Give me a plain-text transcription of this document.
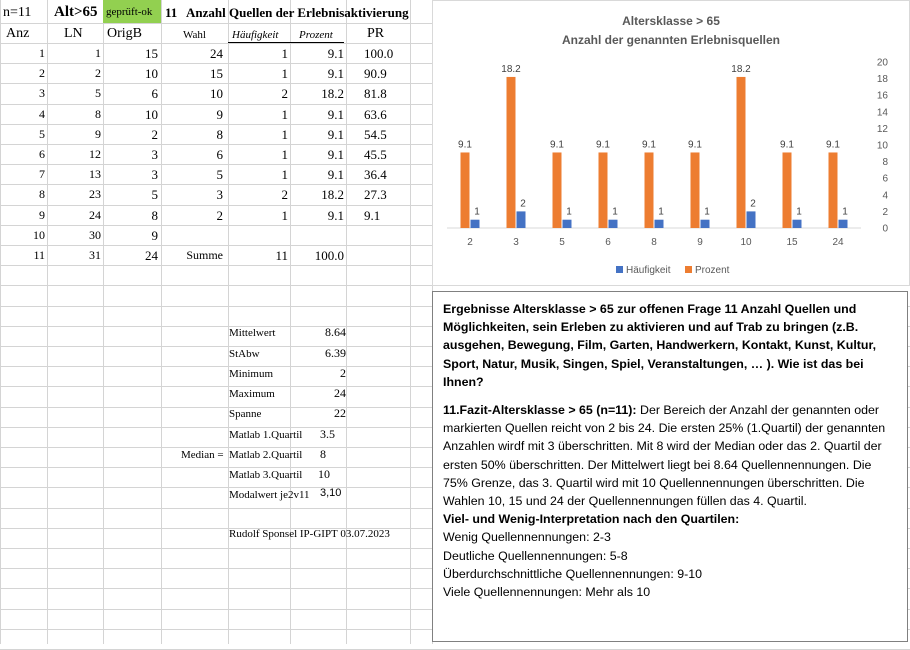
n=11 Alt>65 geprüft-ok 11 Anzahl Quellen der Erlebnisaktivierung
Anz LN OrigB	Wahl Häufigkeit Prozent PR
1	1	15	24	1	9.1 100.0
2	2	10	15	1	9.1 90.9
3	5	6	10	2	18.2 81.8
4	8	10	9	1	9.1 63.6
5	9	2	8	1	9.1 54.5
6	12	3	6	1	9.1 45.5
7	13	3	5	1	9.1 36.4
8	23	5	3	2	18.2 27.3
9	24	8	2	1	9.1 9.1
10	30	9
11	31	24	Summe	11	100.0
Mittelwert	8.64
StAbw	6.39
Minimum	2
Maximum	24
Spanne	22
Matlab 1.Quartil 3.5
Median = Matlab 2.Quartil 8
Matlab 3.Quartil 10
Modalwert je2v11 3,10
Rudolf Sponsel IP-GIPT 03.07.2023
Altersklasse > 65
Anzahl der genannten Erlebnisquellen
0
2
4
6
8
10
12
14
16
18
20
9.1
1
2
18.2
2
3
9.1
1
5
9.1
1
6
9.1
1
8
9.1
1
9
18.2
2
10
9.1
1
15
9.1
1
24
Häufigkeit Prozent

Ergebnisse Altersklasse > 65 zur offenen Frage 11 Anzahl Quellen und Möglichkeiten, sein Erleben zu aktivieren und auf Trab zu bringen (z.B. ausgehen, Bewegung, Film, Garten, Handwerkern, Kontakt, Kunst, Kultur, Sport, Natur, Musik, Singen, Spiel, Veranstaltungen, … ). Wie ist das bei Ihnen?

11.Fazit-Altersklasse > 65 (n=11): Der Bereich der Anzahl der genannten oder markierten Quellen reicht von 2 bis 24. Die ersten 25% (1.Quartil) der genannten Anzahlen wirdf mit 3 überschritten. Mit 8 wird der Median oder das 2. Quartil der ersten 50% überschritten. Der Mittelwert liegt bei 8.64 Quellennennungen. Die 75% Grenze, das 3. Quartil wird mit 10 Quellennennungen überschritten. Die Wahlen 10, 15 und 24 der Quellennennungen füllen das 4. Quartil.

Viel- und Wenig-Interpretation nach den Quartilen:

Wenig Quellennennungen: 2-3

Deutliche Quellennennungen: 5-8

Überdurchschnittliche Quellennennungen: 9-10

Viele Quellennennungen: Mehr als 10
